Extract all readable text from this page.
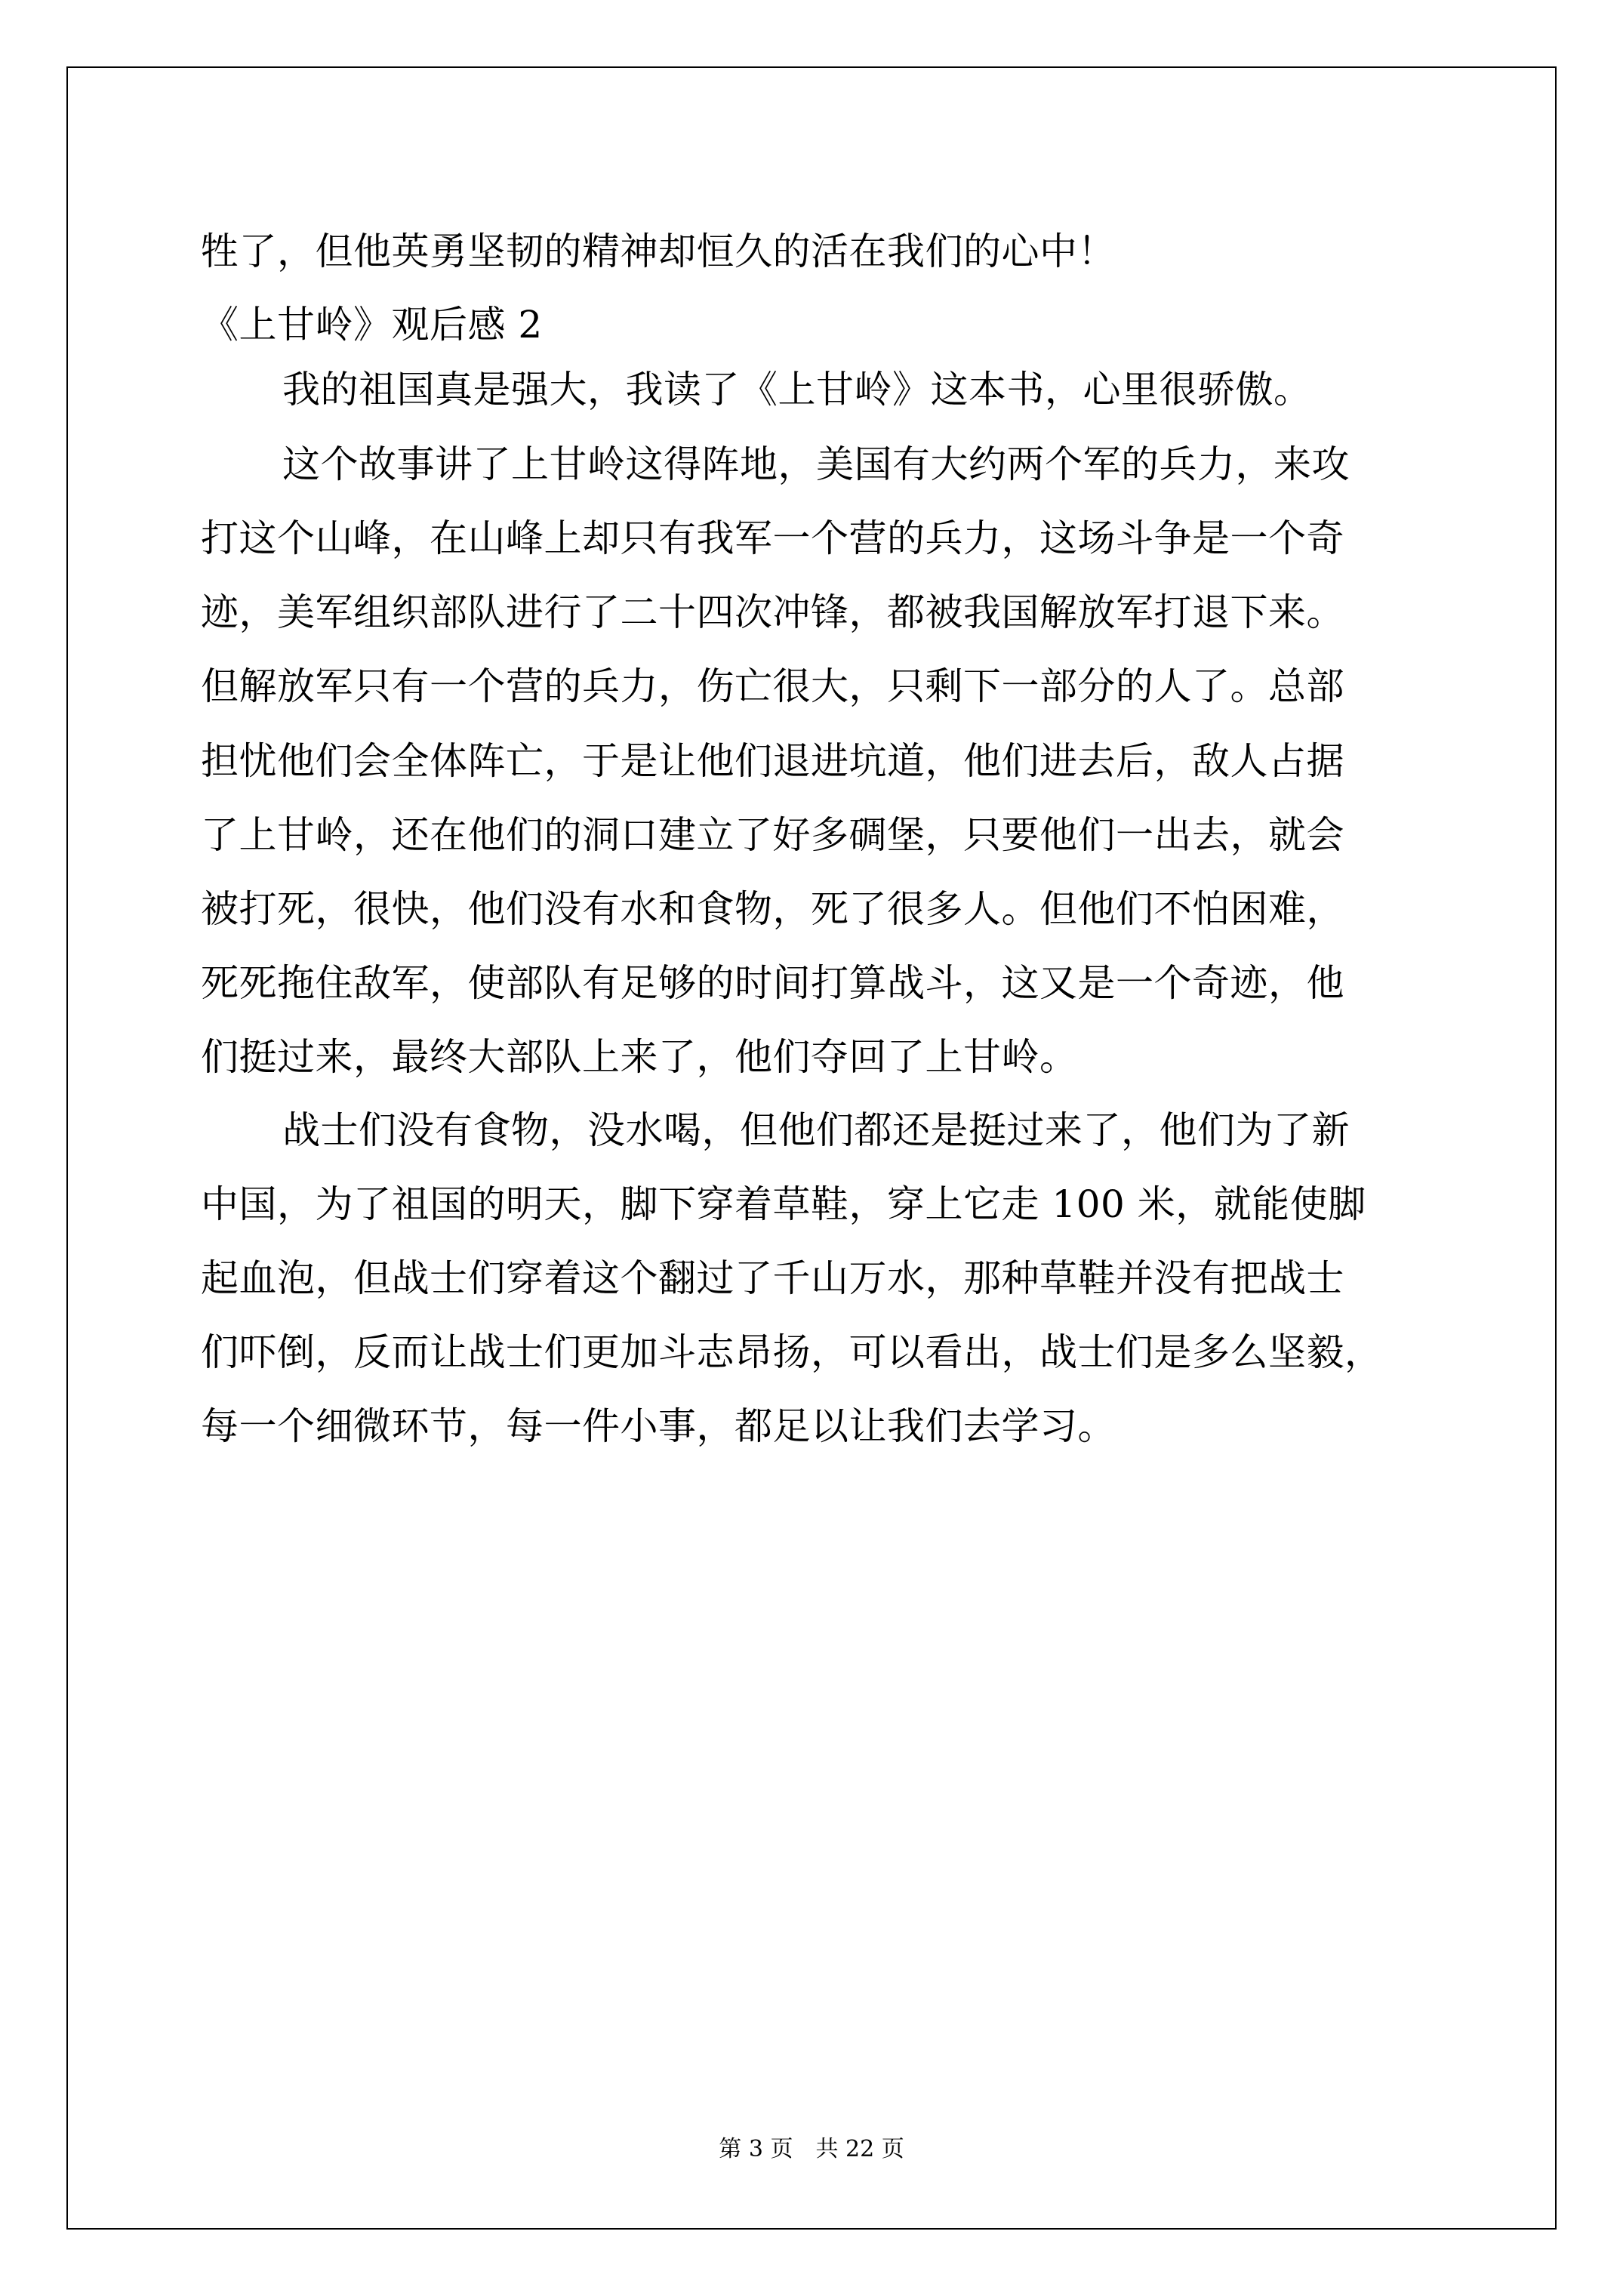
牲了，但他英勇坚韧的精神却恒久的活在我们的心中！
《上甘岭》观后感 2
我的祖国真是强大，我读了《上甘岭》这本书，心里很骄傲。
这个故事讲了上甘岭这得阵地，美国有大约两个军的兵力，来攻
打这个山峰，在山峰上却只有我军一个营的兵力，这场斗争是一个奇
迹，美军组织部队进行了二十四次冲锋，都被我国解放军打退下来。
但解放军只有一个营的兵力，伤亡很大，只剩下一部分的人了。总部
担忧他们会全体阵亡，于是让他们退进坑道，他们进去后，敌人占据
了上甘岭，还在他们的洞口建立了好多碉堡，只要他们一出去，就会
被打死，很快，他们没有水和食物，死了很多人。但他们不怕困难，
死死拖住敌军，使部队有足够的时间打算战斗，这又是一个奇迹，他
们挺过来，最终大部队上来了，他们夺回了上甘岭。
战士们没有食物，没水喝，但他们都还是挺过来了，他们为了新
中国，为了祖国的明天，脚下穿着草鞋，穿上它走 100 米，就能使脚
起血泡，但战士们穿着这个翻过了千山万水，那种草鞋并没有把战士
们吓倒，反而让战士们更加斗志昂扬，可以看出，战士们是多么坚毅，
每一个细微环节，每一件小事，都足以让我们去学习。
第 3 页　共 22 页
